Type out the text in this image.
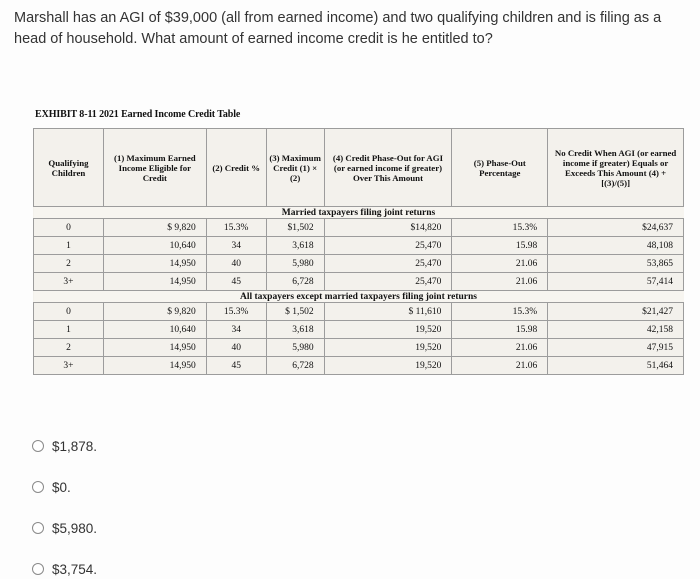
Marshall has an AGI of $39,000 (all from earned income) and two qualifying children and is filing as a head of household. What amount of earned income credit is he entitled to?
EXHIBIT 8-11 2021 Earned Income Credit Table
Qualifying Children	(1) Maximum Earned Income Eligible for Credit	(2) Credit %	(3) Maximum Credit (1) × (2)	(4) Credit Phase-Out for AGI (or earned income if greater) Over This Amount	(5) Phase-Out Percentage	No Credit When AGI (or earned income if greater) Equals or Exceeds This Amount (4) + [(3)/(5)]
Married taxpayers filing joint returns						
0	$ 9,820	15.3%	$1,502	$14,820	15.3%	$24,637
1	10,640	34	3,618	25,470	15.98	48,108
2	14,950	40	5,980	25,470	21.06	53,865
3+	14,950	45	6,728	25,470	21.06	57,414
All taxpayers except married taxpayers filing joint returns						
0	$ 9,820	15.3%	$ 1,502	$ 11,610	15.3%	$21,427
1	10,640	34	3,618	19,520	15.98	42,158
2	14,950	40	5,980	19,520	21.06	47,915
3+	14,950	45	6,728	19,520	21.06	51,464
$1,878.
$0.
$5,980.
$3,754.
